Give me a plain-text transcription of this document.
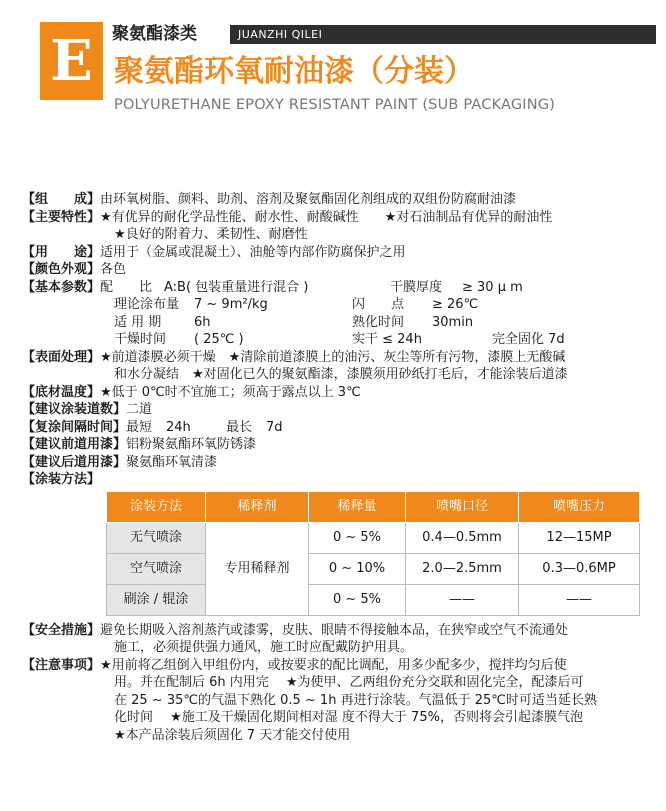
E	聚氨酯漆类	JUANZHI QILEI
聚氨酯环氧耐油漆（分装）
POLYURETHANE EPOXY RESISTANT PAINT (SUB PACKAGING)
【组　　成】 由环氧树脂、颜料、助剂、溶剂及聚氨酯固化剂组成的双组份防腐耐油漆
【主要特性】 ★有优异的耐化学品性能、耐水性、耐酸碱性 ★对石油制品有优异的耐油性
★良好的附着力、柔韧性、耐磨性
【用　　途】 适用于（金属或混凝土）、油舱等内部作防腐保护之用
【颜色外观】 各色
【基本参数】 配　　比 A:B( 包装重量进行混合 )	干膜厚度	≥ 30 μ m
理论涂布量	7 ~ 9m²/kg	闪　　点	≥ 26℃
适 用 期	6h	熟化时间	30min
干燥时间	( 25℃ )	实干 ≤ 24h	完全固化 7d
【表面处理】 ★前道漆膜必须干燥　★清除前道漆膜上的油污、灰尘等所有污物，漆膜上无酸碱
和水分凝结　★对固化已久的聚氨酯漆，漆膜须用砂纸打毛后，才能涂装后道漆
【底材温度】 ★低于 0℃时不宜施工；须高于露点以上 3℃
【建议涂装道数】 二道
【复涂间隔时间】 最短	24h	最长	7d
【建议前道用漆】 铝粉聚氨酯环氧防锈漆
【建议后道用漆】 聚氨酯环氧清漆
【涂装方法】
涂装方法	稀释剂	稀释量	喷嘴口径	喷嘴压力
无气喷涂	专用稀释剂	0 ~ 5%	0.4—0.5mm	12—15MP
空气喷涂		0 ~ 10%	2.0—2.5mm	0.3—0.6MP
刷涂 / 辊涂		0 ~ 5%	——	——
【安全措施】 避免长期吸入溶剂蒸汽或漆雾，皮肤、眼睛不得接触本品，在狭窄或空气不流通处
施工，必须提供强力通风，施工时应配戴防护用具。
【注意事项】 ★用前将乙组倒入甲组份内，或按要求的配比调配，用多少配多少，搅拌均匀后使
用。并在配制后 6h 内用完　 ★为使甲、乙两组份充分交联和固化完全，配漆后可
在 25 ~ 35℃的气温下熟化 0.5 ~ 1h 再进行涂装。气温低于 25℃时可适当延长熟
化时间　 ★施工及干燥固化期间相对湿 度不得大于 75%，否则将会引起漆膜气泡
★本产品涂装后须固化 7 天才能交付使用
